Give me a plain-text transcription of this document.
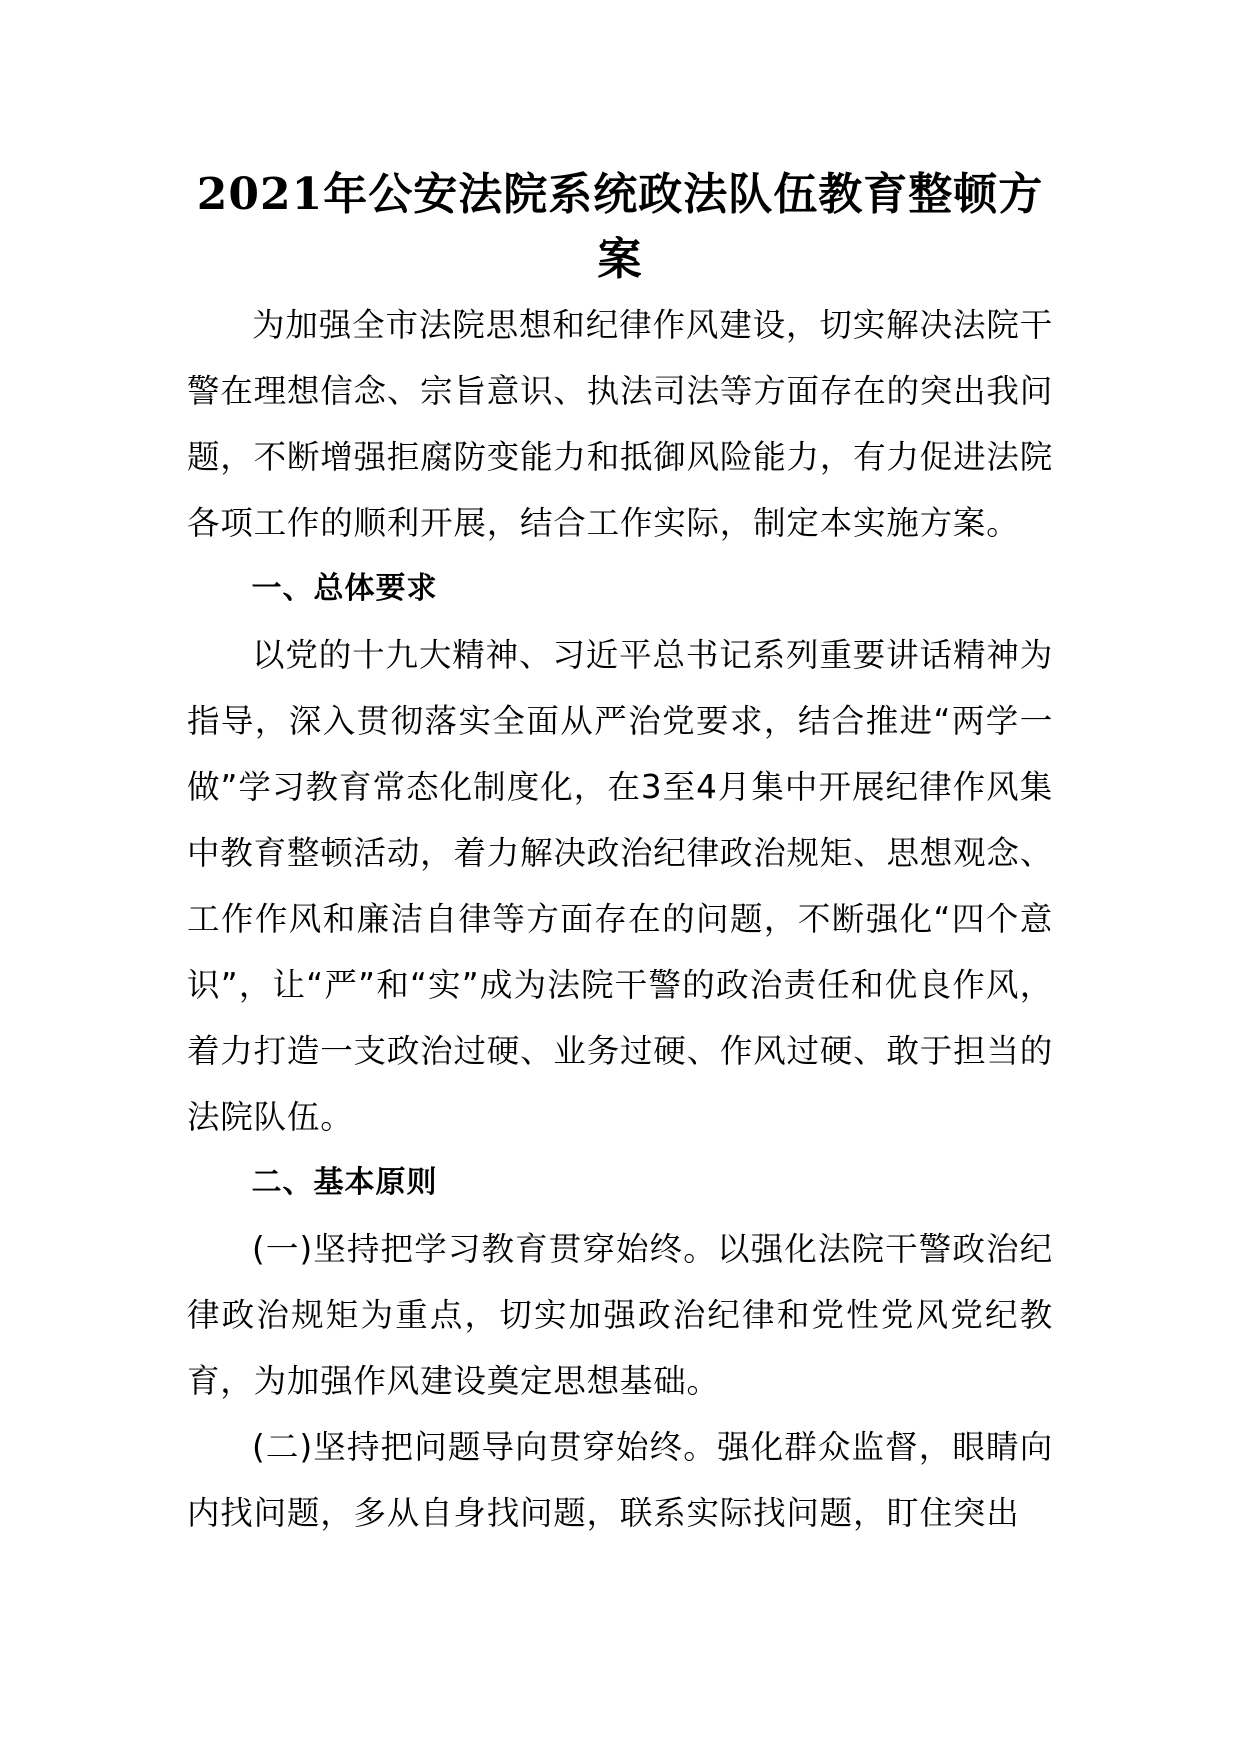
2021年公安法院系统政法队伍教育整顿方案

为加强全市法院思想和纪律作风建设，切实解决法院干警在理想信念、宗旨意识、执法司法等方面存在的突出我问题，不断增强拒腐防变能力和抵御风险能力，有力促进法院各项工作的顺利开展，结合工作实际，制定本实施方案。

一、总体要求

以党的十九大精神、习近平总书记系列重要讲话精神为指导，深入贯彻落实全面从严治党要求，结合推进“两学一做”学习教育常态化制度化，在3至4月集中开展纪律作风集中教育整顿活动，着力解决政治纪律政治规矩、思想观念、工作作风和廉洁自律等方面存在的问题，不断强化“四个意识”，让“严”和“实”成为法院干警的政治责任和优良作风，着力打造一支政治过硬、业务过硬、作风过硬、敢于担当的法院队伍。

二、基本原则

(一)坚持把学习教育贯穿始终。以强化法院干警政治纪律政治规矩为重点，切实加强政治纪律和党性党风党纪教育，为加强作风建设奠定思想基础。

(二)坚持把问题导向贯穿始终。强化群众监督，眼睛向内找问题，多从自身找问题，联系实际找问题，盯住突出
